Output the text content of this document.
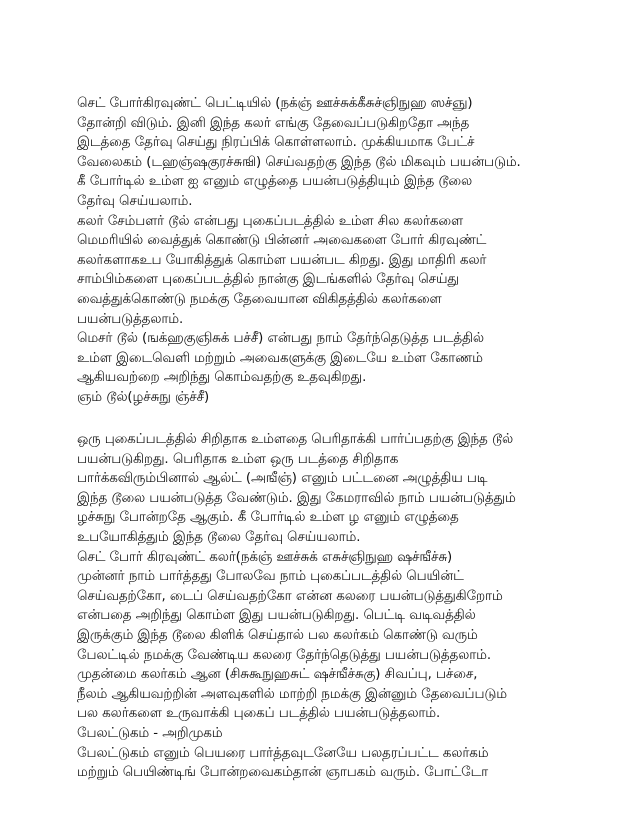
செட் போர்கிரவுண்ட் பெட்டியில் (நக்ஞ் ஊச்சுக்கீசுச்ஞிநுஹ ஸச்ஞு)
தோன்றி விடும். இனி இந்த கலர் எங்கு தேவைப்படுகிறதோ அந்த
இடத்தை தேர்வு செய்து நிரப்பிக் கொள்ளலாம். முக்கியமாக பேட்ச்
வேலைகம் (டஹஞ்ஷகுரச்சுஙி) செய்வதற்கு இந்த டூல் மிகவும் பயன்படும்.
கீ போர்டில் உம்ள ஐ எனும் எழுத்தை பயன்படுத்தியும் இந்த டூலை
தேர்வு செய்யலாம்.
கலர் சேம்பளர் டூல் என்பது புகைப்படத்தில் உம்ள சில கலர்களை
மெமரியில் வைத்துக் கொண்டு பின்னர் அவைகளை போர் கிரவுண்ட்
கலர்களாகஉப யோகித்துக் கொம்ள பயன்பட கிறது. இது மாதிரி கலர்
சாம்பிம்களை புகைப்படத்தில் நான்கு இடங்களில் தேர்வு செய்து
வைத்துக்கொண்டு நமக்கு தேவையான விகிதத்தில் கலர்களை
பயன்படுத்தலாம்.
மெசர் டூல் (ஙக்ஹகுஞிசுக் பச்சீ) என்பது நாம் தேர்ந்தெடுத்த படத்தில்
உம்ள இடைவெளி மற்றும் அவைகளுக்கு இடையே உம்ள கோணம்
ஆகியவற்றை அறிந்து கொம்வதற்கு உதவுகிறது.
ஞம் டூல்(ழச்சுநு ஞ்ச்சீ)
ஒரு புகைப்படத்தில் சிறிதாக உம்ளதை பெரிதாக்கி பார்ப்பதற்கு இந்த டூல்
பயன்படுகிறது. பெரிதாக உம்ள ஒரு படத்தை சிறிதாக
பார்க்கவிரும்பினால் ஆல்ட் (அஙீஞ்) எனும் பட்டனை அழுத்திய படி
இந்த டூலை பயன்படுத்த வேண்டும். இது கேமராவில் நாம் பயன்படுத்தும்
ழச்சுநு போன்றதே ஆகும். கீ போர்டில் உம்ள ழ எனும் எழுத்தை
உபயோகித்தும் இந்த டூலை தேர்வு செய்யலாம்.
செட் போர் கிரவுண்ட் கலர்(நக்ஞ் ஊச்சுக் எசுச்ஞிநுஹ ஷச்ஙீச்சு)
முன்னர் நாம் பார்த்தது போலவே நாம் புகைப்படத்தில் பெயின்ட்
செய்வதற்கோ, டைப் செய்வதற்கோ என்ன கலரை பயன்படுத்துகிறோம்
என்பதை அறிந்து கொம்ள இது பயன்படுகிறது. பெட்டி வடிவத்தில்
இருக்கும் இந்த டூலை கிளிக் செய்தால் பல கலர்கம் கொண்டு வரும்
பேலட்டில் நமக்கு வேண்டிய கலரை தேர்ந்தெடுத்து பயன்படுத்தலாம்.
முதன்மை கலர்கம் ஆன (சிசுகூநுஹசுட் ஷச்ஙீச்சுகு) சிவப்பு, பச்சை,
நீலம் ஆகியவற்றின் அளவுகளில் மாற்றி நமக்கு இன்னும் தேவைப்படும்
பல கலர்களை உருவாக்கி புகைப் படத்தில் பயன்படுத்தலாம்.
பேலட்டுகம் - அறிமுகம்
பேலட்டுகம் எனும் பெயரை பார்த்தவுடனேயே பலதரப்பட்ட கலர்கம்
மற்றும் பெயிண்டிங் போன்றவைகம்தான் ஞாபகம் வரும். போட்டோ
